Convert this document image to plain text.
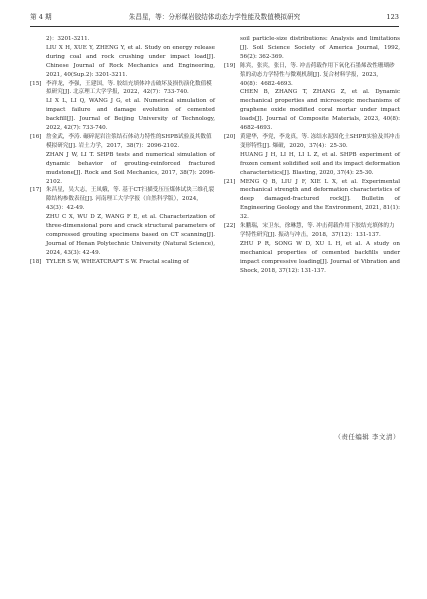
第 4 期	朱昌星，等：分形煤岩胶结体动态力学性能及数值模拟研究	123
2)：3201-3211.
LIU X H, XUE Y, ZHENG Y, et al. Study on energy release during coal and rock crushing under impact load[J]. Chinese Journal of Rock Mechanics and Engineering, 2021, 40(Sup.2): 3201-3211.
[15] 李祥龙，李强，王建国，等. 胶结充填体冲击破坏及损伤演化数值模拟研究[J]. 北京理工大学学报，2022，42(7)：733-740.
LI X L, LI Q, WANG J G, et al. Numerical simulation of impact failure and damage evolution of cemented backfill[J]. Journal of Beijing University of Technology, 2022, 42(7): 733-740.
[16] 詹金武，李涛. 碾碎泥岩注浆结石体动力特性的SHPB试验及其数值模拟研究[J]. 岩土力学，2017，38(7)：2096-2102.
ZHAN J W, LI T. SHPB tests and numerical simulation of dynamic behavior of grouting-reinforced fractured mudstone[J]. Rock and Soil Mechanics, 2017, 38(7): 2096-2102.
[17] 朱昌星，吴大志，王凤娥，等. 基于CT扫描受压压煤体试块三维孔裂隙结构参数表征[J]. 河南理工大学学报（自然科学版），2024，43(3)：42-49.
ZHU C X, WU D Z, WANG F E, et al. Characterization of three-dimensional pore and crack structural parameters of compressed grouting specimens based on CT scanning[J]. Journal of Henan Polytechnic University (Natural Science), 2024, 43(3): 42-49.
[18] TYLER S W, WHEATCRAFT S W. Fractal scaling of
soil particle-size distributions: Analysis and limitations [J]. Soil Science Society of America Journal, 1992, 56(2): 362-369.
[19] 陈宾，张宾，张日，等. 冲击荷载作用下氧化石墨烯改性珊瑚砂浆的动态力学特性与微观机制[J]. 复合材料学报，2023，40(8)：4682-4693.
CHEN B, ZHANG T, ZHANG Z, et al. Dynamic mechanical properties and microscopic mechanisms of graphene oxide modified coral mortar under impact loads[J]. Journal of Composite Materials, 2023, 40(8): 4682-4693.
[20] 黄建华，李党，李龙真，等. 冻结水泥固化土SHPB实验及其冲击变形特性[J]. 爆破，2020，37(4)：25-30.
HUANG J H, LI H, LI L Z, et al. SHPB experiment of frozen cement solidified soil and its impact deformation characteristics[J]. Blasting, 2020, 37(4): 25-30.
[21] MENG Q B, LIU J F, XIE L X, et al. Experimental mechanical strength and deformation characteristics of deep damaged-fractured rock[J]. Bulletin of Engineering Geology and the Environment, 2021, 81(1): 32.
[22] 朱鹏瑞，宋卫东，徐琳慧，等. 冲击荷载作用下胶结充填体的力学特性研究[J]. 振动与冲击，2018，37(12)：131-137.
ZHU P R, SONG W D, XU L H, et al. A study on mechanical properties of cemented backfills under impact compressive loading[J]. Journal of Vibration and Shock, 2018, 37(12): 131-137.
（责任编辑 李文清）
